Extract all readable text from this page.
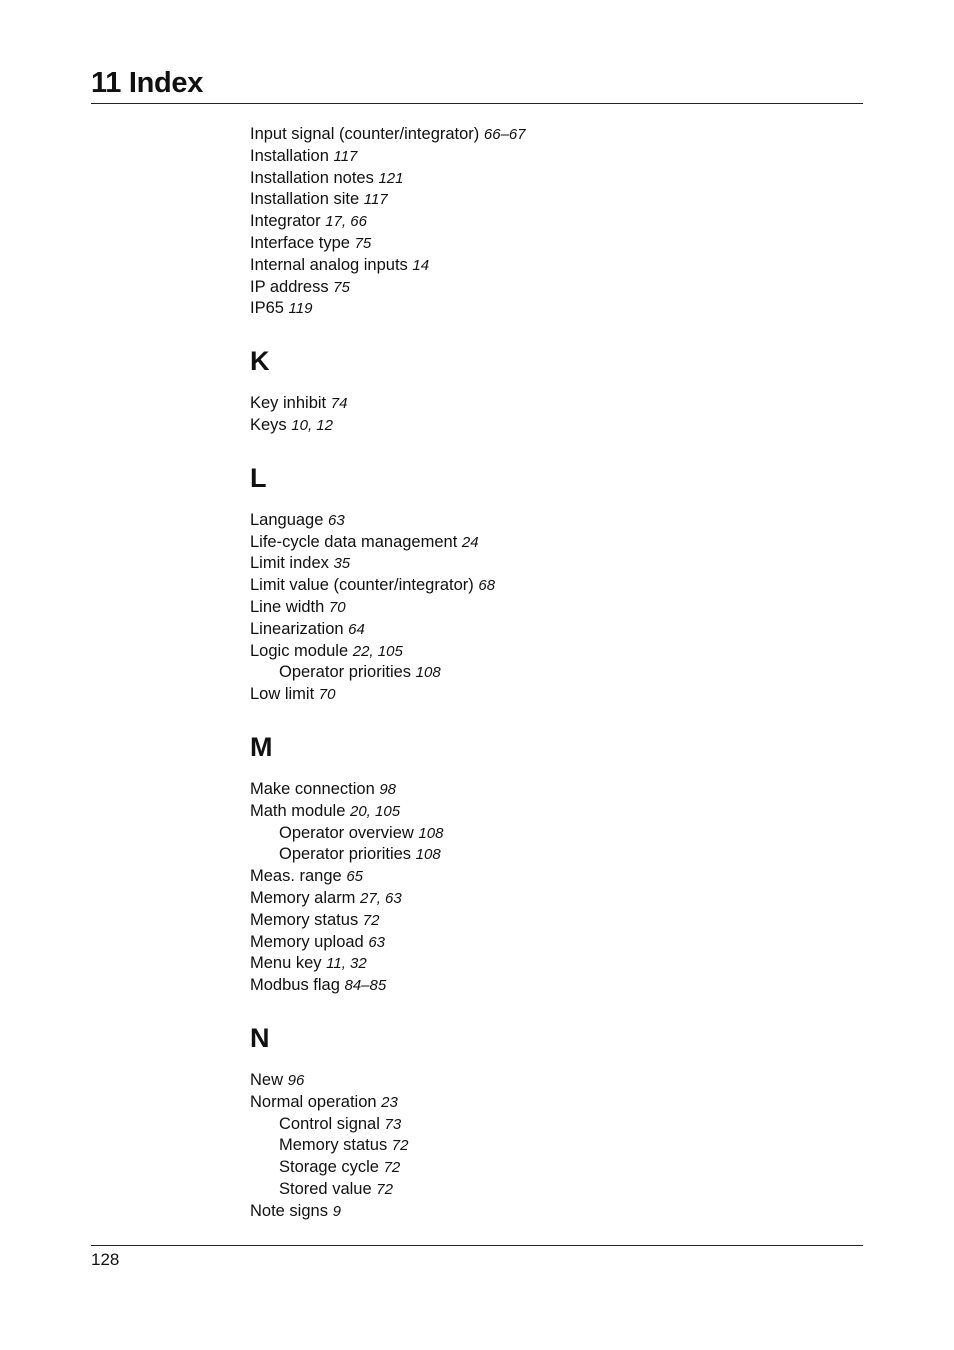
11 Index
Input signal (counter/integrator) 66–67
Installation 117
Installation notes 121
Installation site 117
Integrator 17, 66
Interface type 75
Internal analog inputs 14
IP address 75
IP65 119
K
Key inhibit 74
Keys 10, 12
L
Language 63
Life-cycle data management 24
Limit index 35
Limit value (counter/integrator) 68
Line width 70
Linearization 64
Logic module 22, 105
Operator priorities 108
Low limit 70
M
Make connection 98
Math module 20, 105
Operator overview 108
Operator priorities 108
Meas. range 65
Memory alarm 27, 63
Memory status 72
Memory upload 63
Menu key 11, 32
Modbus flag 84–85
N
New 96
Normal operation 23
Control signal 73
Memory status 72
Storage cycle 72
Stored value 72
Note signs 9
128
